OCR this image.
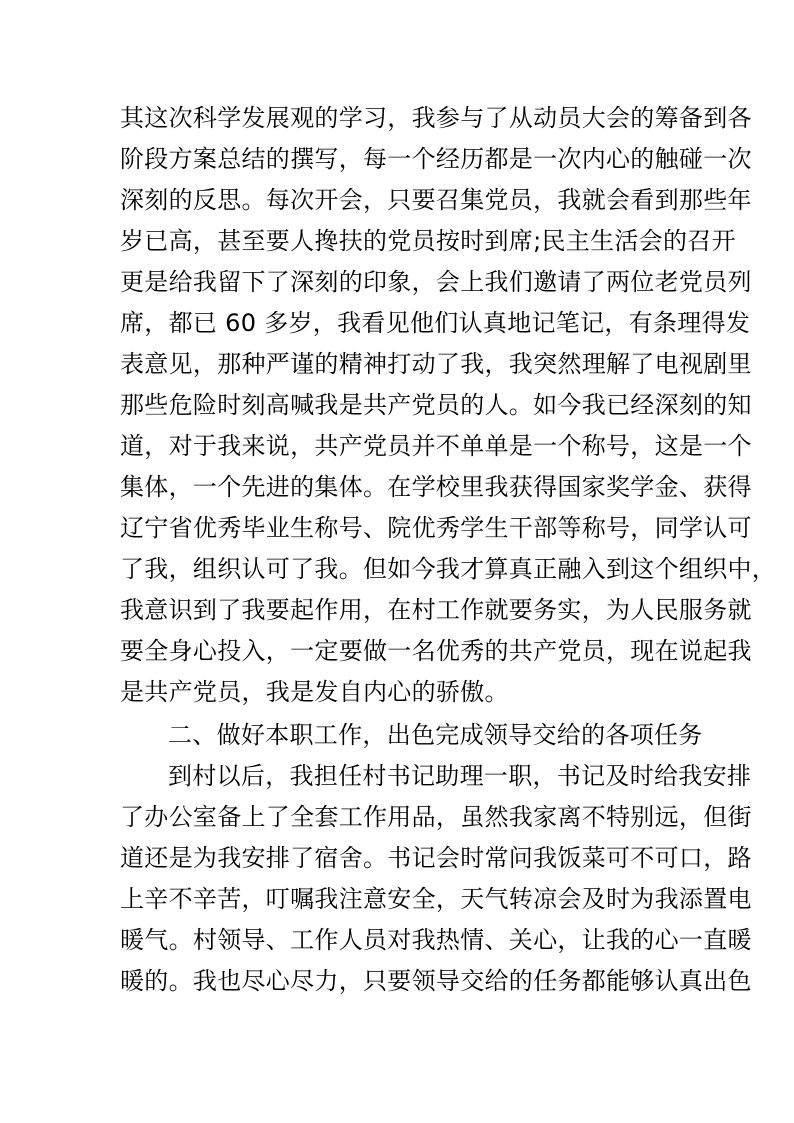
其这次科学发展观的学习，我参与了从动员大会的筹备到各
阶段方案总结的撰写，每一个经历都是一次内心的触碰一次
深刻的反思。每次开会，只要召集党员，我就会看到那些年
岁已高，甚至要人搀扶的党员按时到席;民主生活会的召开
更是给我留下了深刻的印象，会上我们邀请了两位老党员列
席，都已 60 多岁，我看见他们认真地记笔记，有条理得发
表意见，那种严谨的精神打动了我，我突然理解了电视剧里
那些危险时刻高喊我是共产党员的人。如今我已经深刻的知
道，对于我来说，共产党员并不单单是一个称号，这是一个
集体，一个先进的集体。在学校里我获得国家奖学金、获得
辽宁省优秀毕业生称号、院优秀学生干部等称号，同学认可
了我，组织认可了我。但如今我才算真正融入到这个组织中，
我意识到了我要起作用，在村工作就要务实，为人民服务就
要全身心投入，一定要做一名优秀的共产党员，现在说起我
是共产党员，我是发自内心的骄傲。
二、做好本职工作，出色完成领导交给的各项任务
到村以后，我担任村书记助理一职，书记及时给我安排
了办公室备上了全套工作用品，虽然我家离不特别远，但街
道还是为我安排了宿舍。书记会时常问我饭菜可不可口，路
上辛不辛苦，叮嘱我注意安全，天气转凉会及时为我添置电
暖气。村领导、工作人员对我热情、关心，让我的心一直暖
暖的。我也尽心尽力，只要领导交给的任务都能够认真出色
